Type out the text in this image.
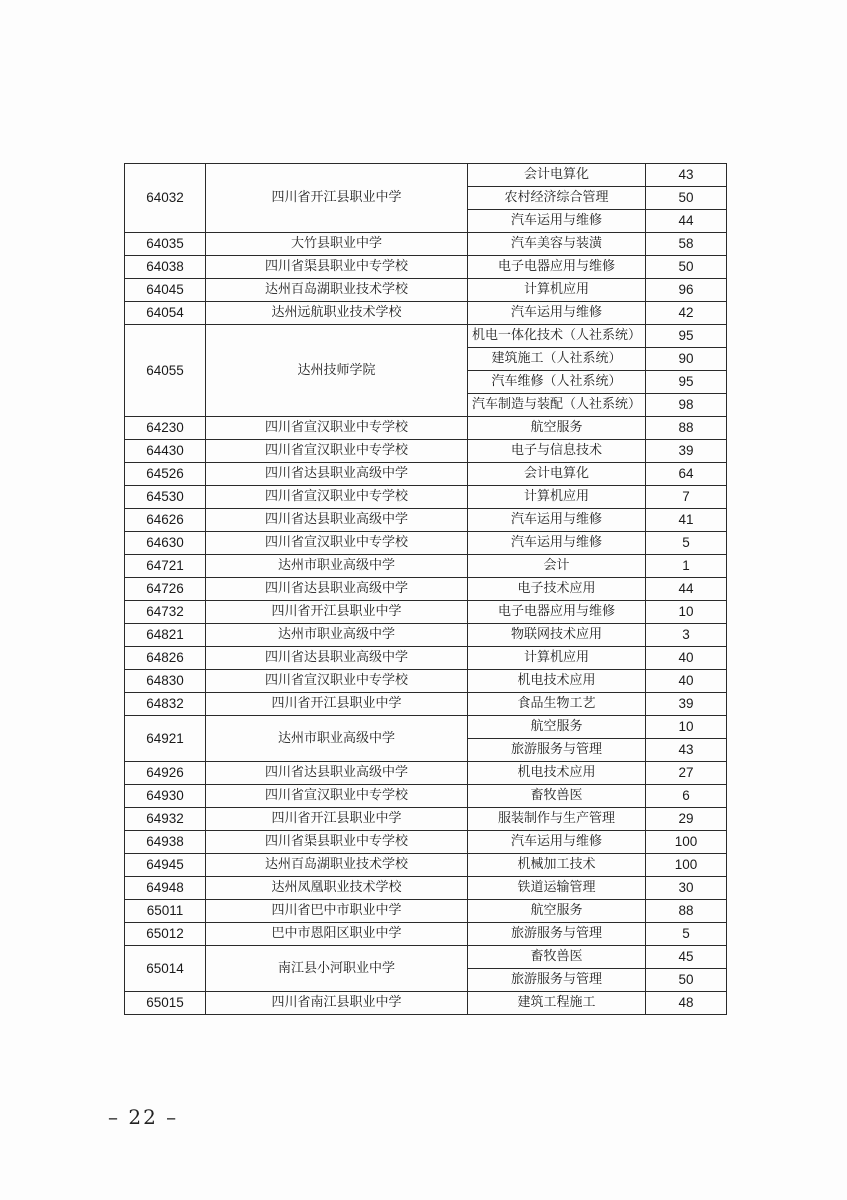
64032	四川省开江县职业中学	会计电算化	43
		农村经济综合管理	50
		汽车运用与维修	44
64035	大竹县职业中学	汽车美容与装潢	58
64038	四川省渠县职业中专学校	电子电器应用与维修	50
64045	达州百岛湖职业技术学校	计算机应用	96
64054	达州远航职业技术学校	汽车运用与维修	42
64055	达州技师学院	机电一体化技术（人社系统）	95
		建筑施工（人社系统）	90
		汽车维修（人社系统）	95
		汽车制造与装配（人社系统）	98
64230	四川省宣汉职业中专学校	航空服务	88
64430	四川省宣汉职业中专学校	电子与信息技术	39
64526	四川省达县职业高级中学	会计电算化	64
64530	四川省宣汉职业中专学校	计算机应用	7
64626	四川省达县职业高级中学	汽车运用与维修	41
64630	四川省宣汉职业中专学校	汽车运用与维修	5
64721	达州市职业高级中学	会计	1
64726	四川省达县职业高级中学	电子技术应用	44
64732	四川省开江县职业中学	电子电器应用与维修	10
64821	达州市职业高级中学	物联网技术应用	3
64826	四川省达县职业高级中学	计算机应用	40
64830	四川省宣汉职业中专学校	机电技术应用	40
64832	四川省开江县职业中学	食品生物工艺	39
64921	达州市职业高级中学	航空服务	10
		旅游服务与管理	43
64926	四川省达县职业高级中学	机电技术应用	27
64930	四川省宣汉职业中专学校	畜牧兽医	6
64932	四川省开江县职业中学	服装制作与生产管理	29
64938	四川省渠县职业中专学校	汽车运用与维修	100
64945	达州百岛湖职业技术学校	机械加工技术	100
64948	达州凤凰职业技术学校	铁道运输管理	30
65011	四川省巴中市职业中学	航空服务	88
65012	巴中市恩阳区职业中学	旅游服务与管理	5
65014	南江县小河职业中学	畜牧兽医	45
		旅游服务与管理	50
65015	四川省南江县职业中学	建筑工程施工	48
– 22 –
